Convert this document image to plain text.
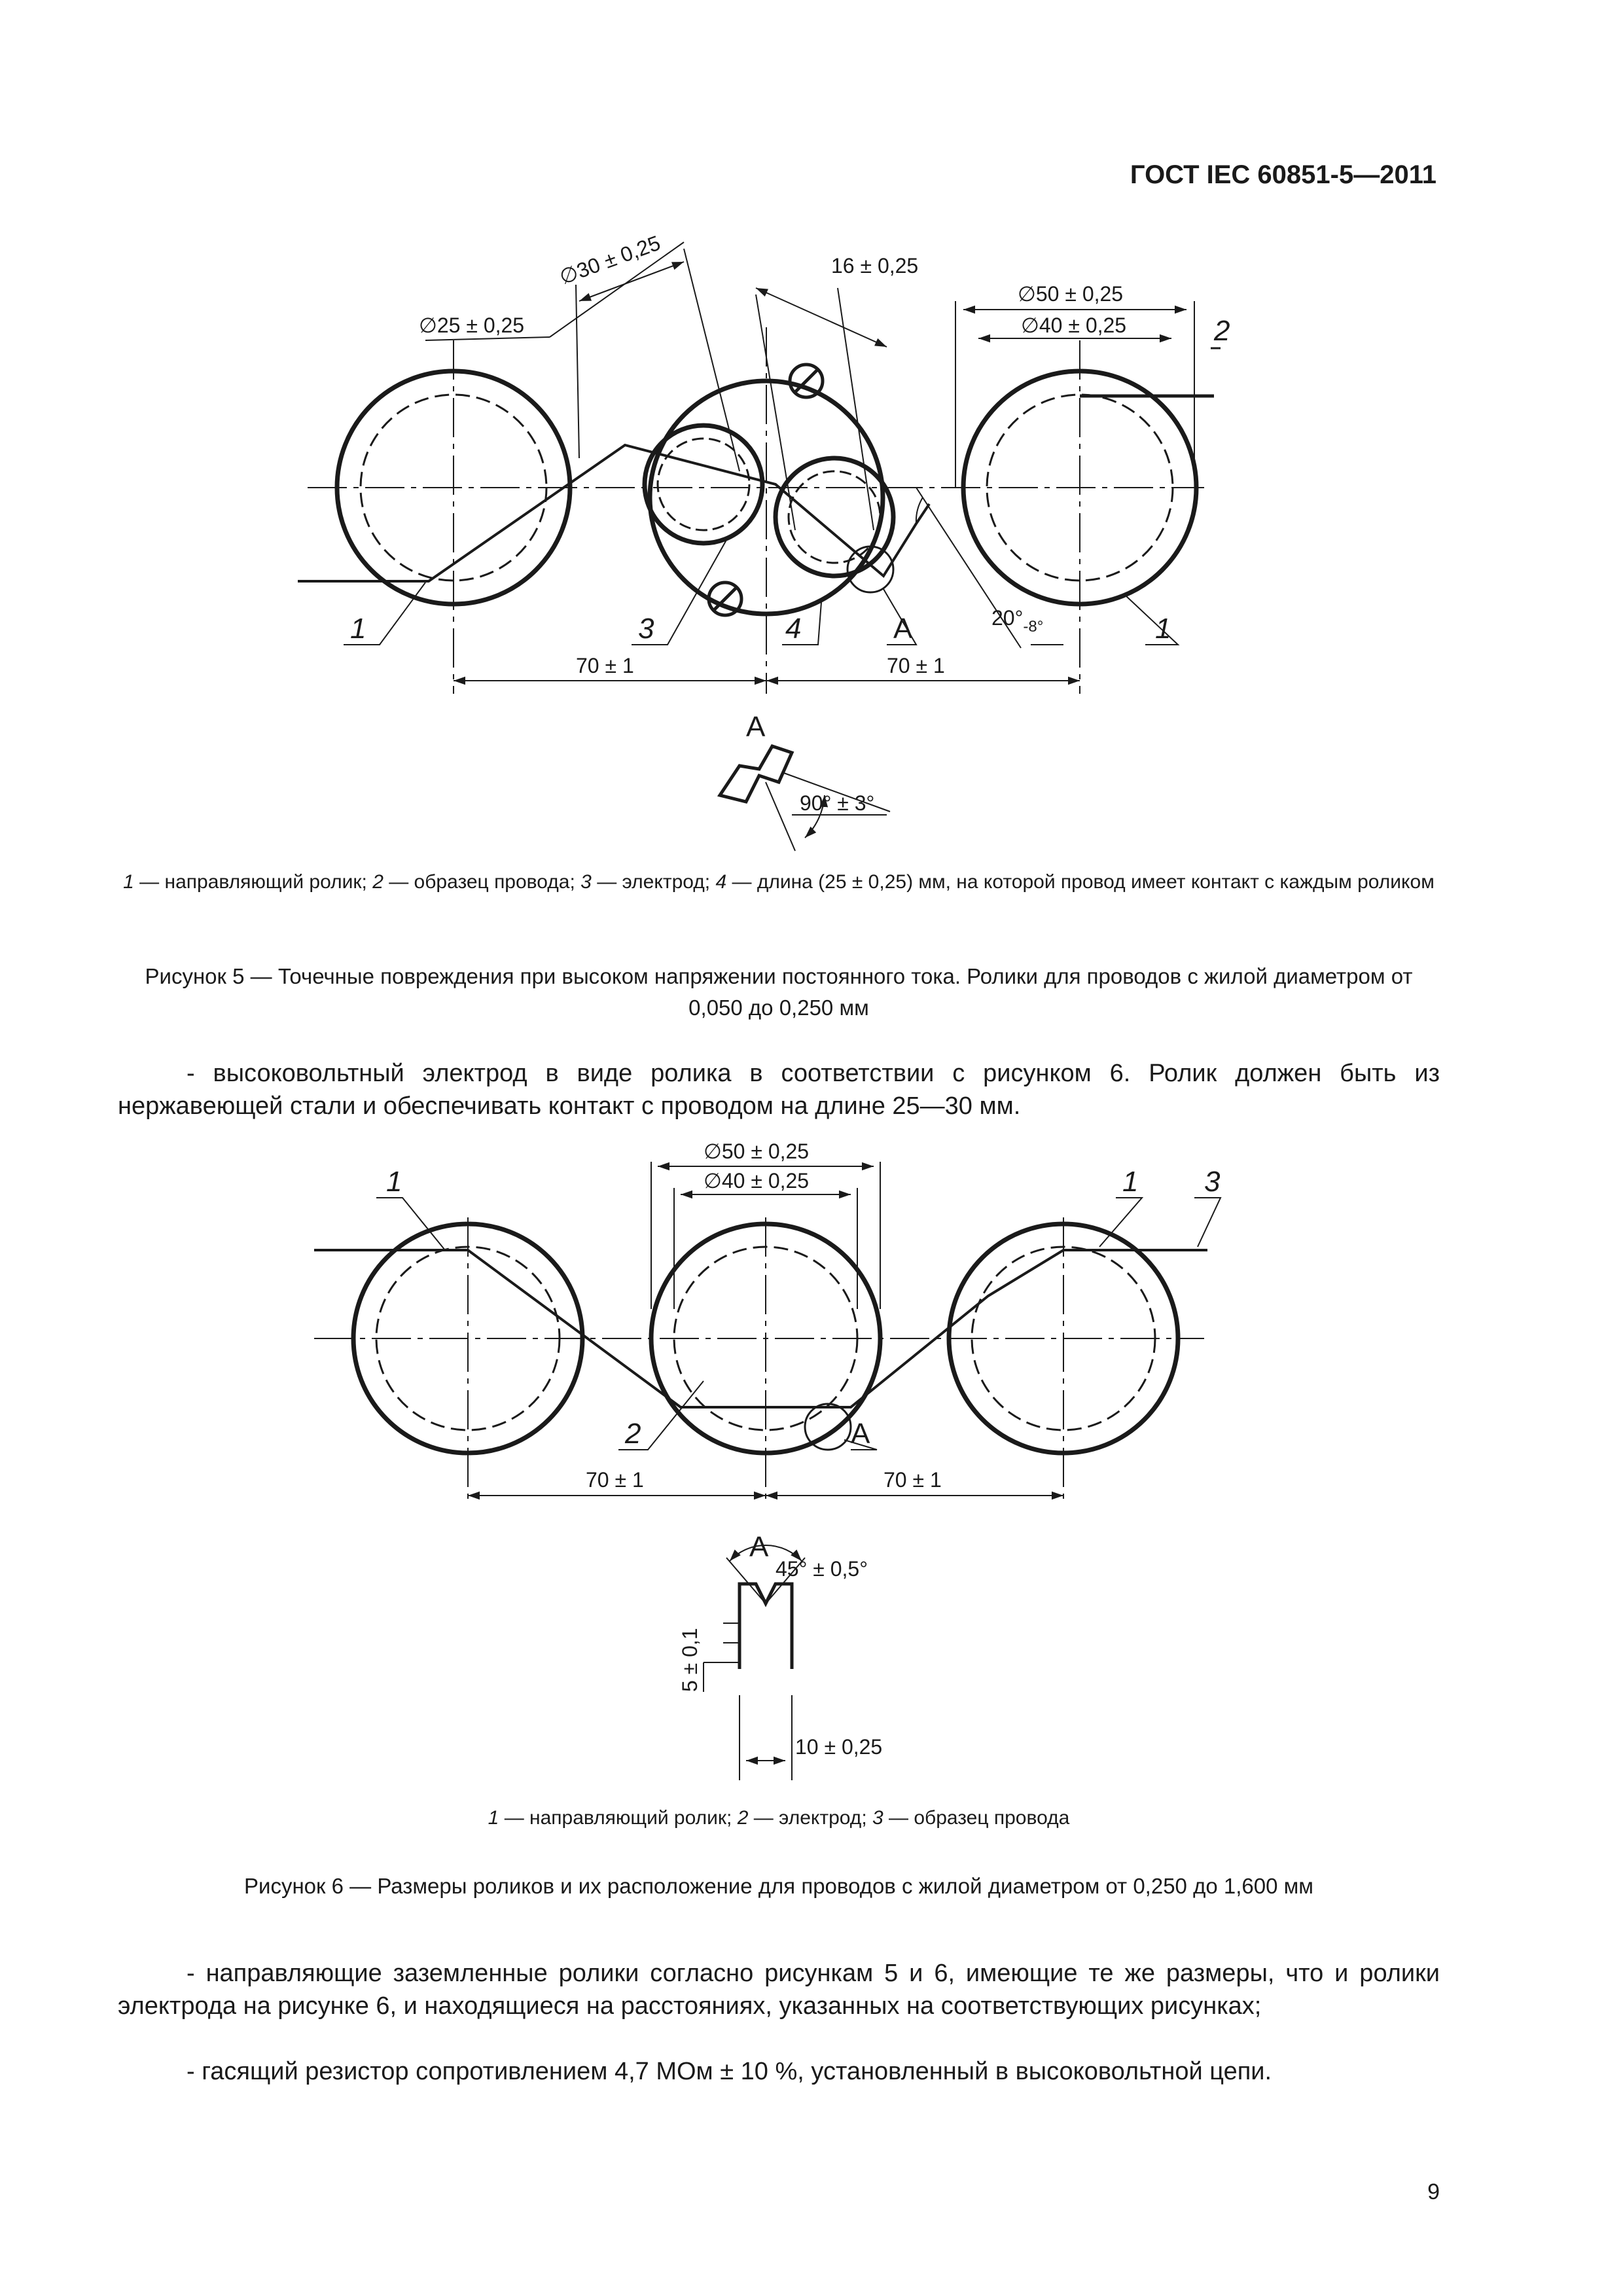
ГОСТ IEC 60851-5—2011
∅25 ± 0,25
∅30 ± 0,25	16 ± 0,25
∅50 ± 0,25
∅40 ± 0,25
70 ± 1	70 ± 1
$20^\circ_{-8^\circ}$
1	3	4	A	1
2
A
90° ± 3°
1 — направляющий ролик; 2 — образец провода; 3 — электрод; 4 — длина (25 ± 0,25) мм, на которой провод имеет контакт с каждым роликом
Рисунок 5 — Точечные повреждения при высоком напряжении постоянного тока. Ролики для проводов с жилой диаметром от 0,050 до 0,250 мм
- высоковольтный электрод в виде ролика в соответствии с рисунком 6. Ролик должен быть из нержавеющей стали и обеспечивать контакт с проводом на длине 25—30 мм.
∅50 ± 0,25
∅40 ± 0,25
70 ± 1	70 ± 1
1	1 3
2	A
A
45° ± 0,5°
5 ± 0,1
10 ± 0,25
1 — направляющий ролик; 2 — электрод; 3 — образец провода
Рисунок 6 — Размеры роликов и их расположение для проводов с жилой диаметром от 0,250 до 1,600 мм
- направляющие заземленные ролики согласно рисункам 5 и 6, имеющие те же размеры, что и ролики электрода на рисунке 6, и находящиеся на расстояниях, указанных на соответствующих рисунках;
- гасящий резистор сопротивлением 4,7 МОм ± 10 %, установленный в высоковольтной цепи.
9
